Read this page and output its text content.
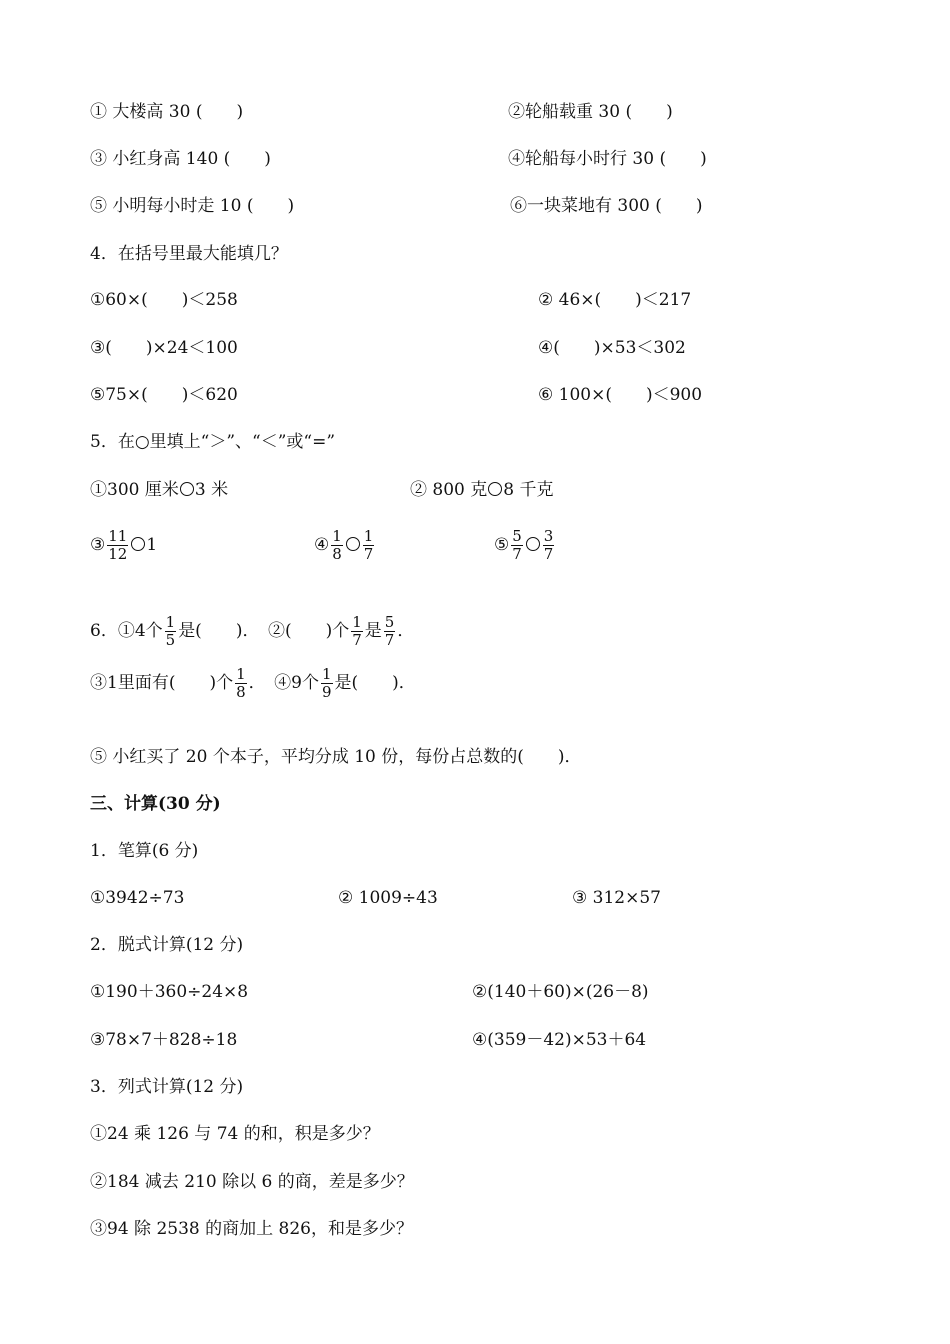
① 大楼高 30 (　　)	②轮船载重 30 (　　)
③ 小红身高 140 (　　)	④轮船每小时行 30 (　　)
⑤ 小明每小时走 10 (　　)	⑥一块菜地有 300 (　　)
4．在括号里最大能填几？
①60×(　　)＜258	② 46×(　　)＜217
③(　　)×24＜100	④(　　)×53＜302
⑤75×(　　)＜620	⑥ 100×(　　)＜900
5．在○里填上“＞”、“＜”或“=”
①300 厘米 3 米	② 800 克 8 千克
③ $\frac{11}{12} 1$	④ $\frac{1}{8} \frac{1}{7}$	⑤ $\frac{5}{7} \frac{3}{7}$
6．①4个 $\frac{1}{5}$ 是(　　)．　②(　　)个 $\frac{1}{7}$ 是 $\frac{5}{7}$ ．
③1里面有(　　)个 $\frac{1}{8}$ ．　④9个 $\frac{1}{9}$ 是(　　)．
⑤ 小红买了 20 个本子，平均分成 10 份，每份占总数的(　　)．
三、计算(30 分)
1．笔算(6 分)
①3942÷73	② 1009÷43	③ 312×57
2．脱式计算(12 分)
①190＋360÷24×8	②(140＋60)×(26－8)
③78×7＋828÷18	④(359－42)×53＋64
3．列式计算(12 分)
①24 乘 126 与 74 的和，积是多少？
②184 减去 210 除以 6 的商，差是多少？
③94 除 2538 的商加上 826，和是多少？
